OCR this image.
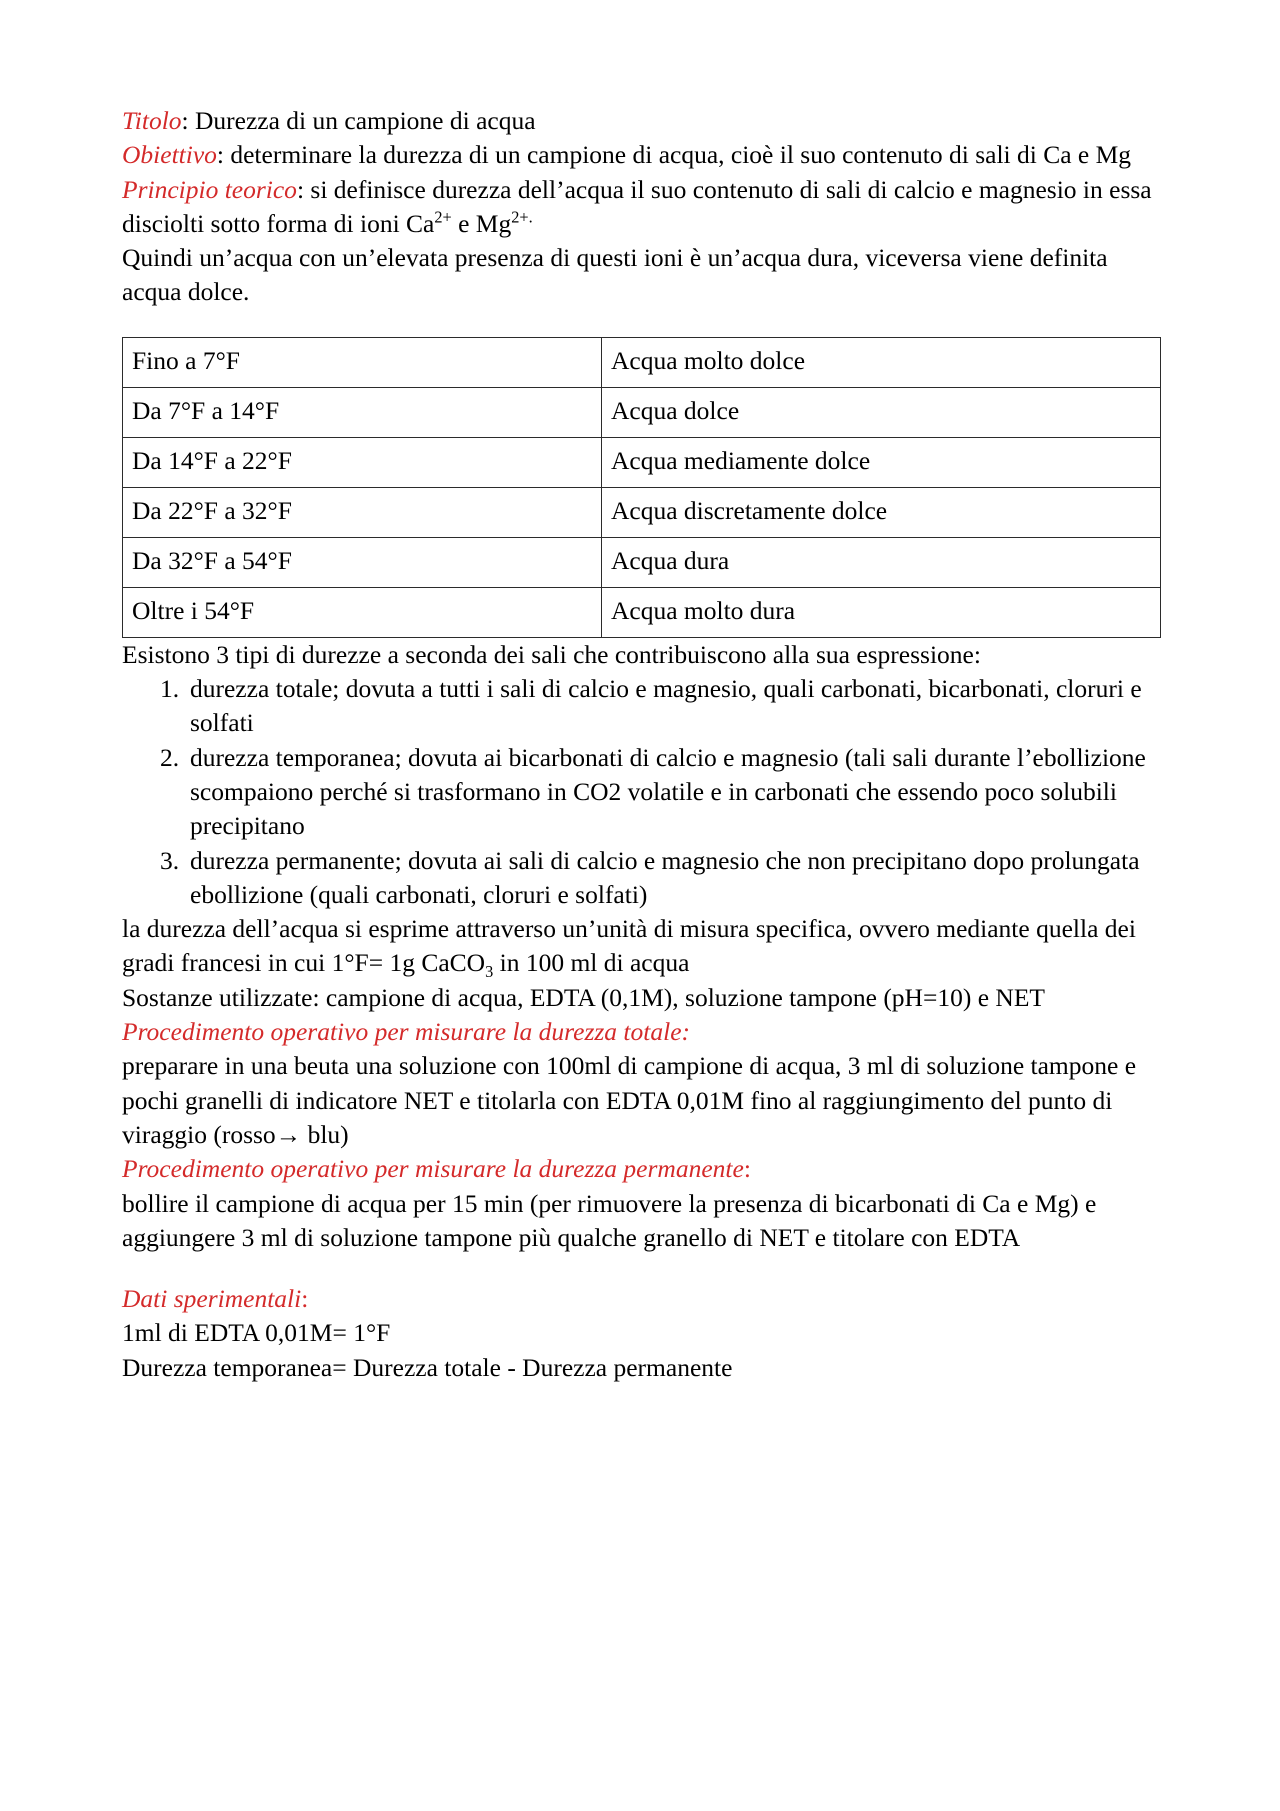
Titolo: Durezza di un campione di acqua

Obiettivo: determinare la durezza di un campione di acqua, cioè il suo contenuto di sali di Ca e Mg

Principio teorico: si definisce durezza dell’acqua il suo contenuto di sali di calcio e magnesio in essa disciolti sotto forma di ioni $Ca^{2+}$ e $Mg^{2+.}$

Quindi un’acqua con un’elevata presenza di questi ioni è un’acqua dura, viceversa viene definita acqua dolce.

Fino a 7°F	Acqua molto dolce
Da 7°F a 14°F	Acqua dolce
Da 14°F a 22°F	Acqua mediamente dolce
Da 22°F a 32°F	Acqua discretamente dolce
Da 32°F a 54°F	Acqua dura
Oltre i 54°F	Acqua molto dura

Esistono 3 tipi di durezze a seconda dei sali che contribuiscono alla sua espressione:

durezza totale; dovuta a tutti i sali di calcio e magnesio, quali carbonati, bicarbonati, cloruri e solfati
durezza temporanea; dovuta ai bicarbonati di calcio e magnesio (tali sali durante l’ebollizione scompaiono perché si trasformano in CO2 volatile e in carbonati che essendo poco solubili precipitano
durezza permanente; dovuta ai sali di calcio e magnesio che non precipitano dopo prolungata ebollizione (quali carbonati, cloruri e solfati)

la durezza dell’acqua si esprime attraverso un’unità di misura specifica, ovvero mediante quella dei gradi francesi in cui 1°F= 1g CaCO$_3$ in 100 ml di acqua

Sostanze utilizzate: campione di acqua, EDTA (0,1M), soluzione tampone (pH=10) e NET

Procedimento operativo per misurare la durezza totale:

preparare in una beuta una soluzione con 100ml di campione di acqua, 3 ml di soluzione tampone e pochi granelli di indicatore NET e titolarla con EDTA 0,01M fino al raggiungimento del punto di viraggio (rosso→ blu)

Procedimento operativo per misurare la durezza permanente:

bollire il campione di acqua per 15 min (per rimuovere la presenza di bicarbonati di Ca e Mg) e aggiungere 3 ml di soluzione tampone più qualche granello di NET e titolare con EDTA

Dati sperimentali:

1ml di EDTA 0,01M= 1°F

Durezza temporanea= Durezza totale - Durezza permanente
